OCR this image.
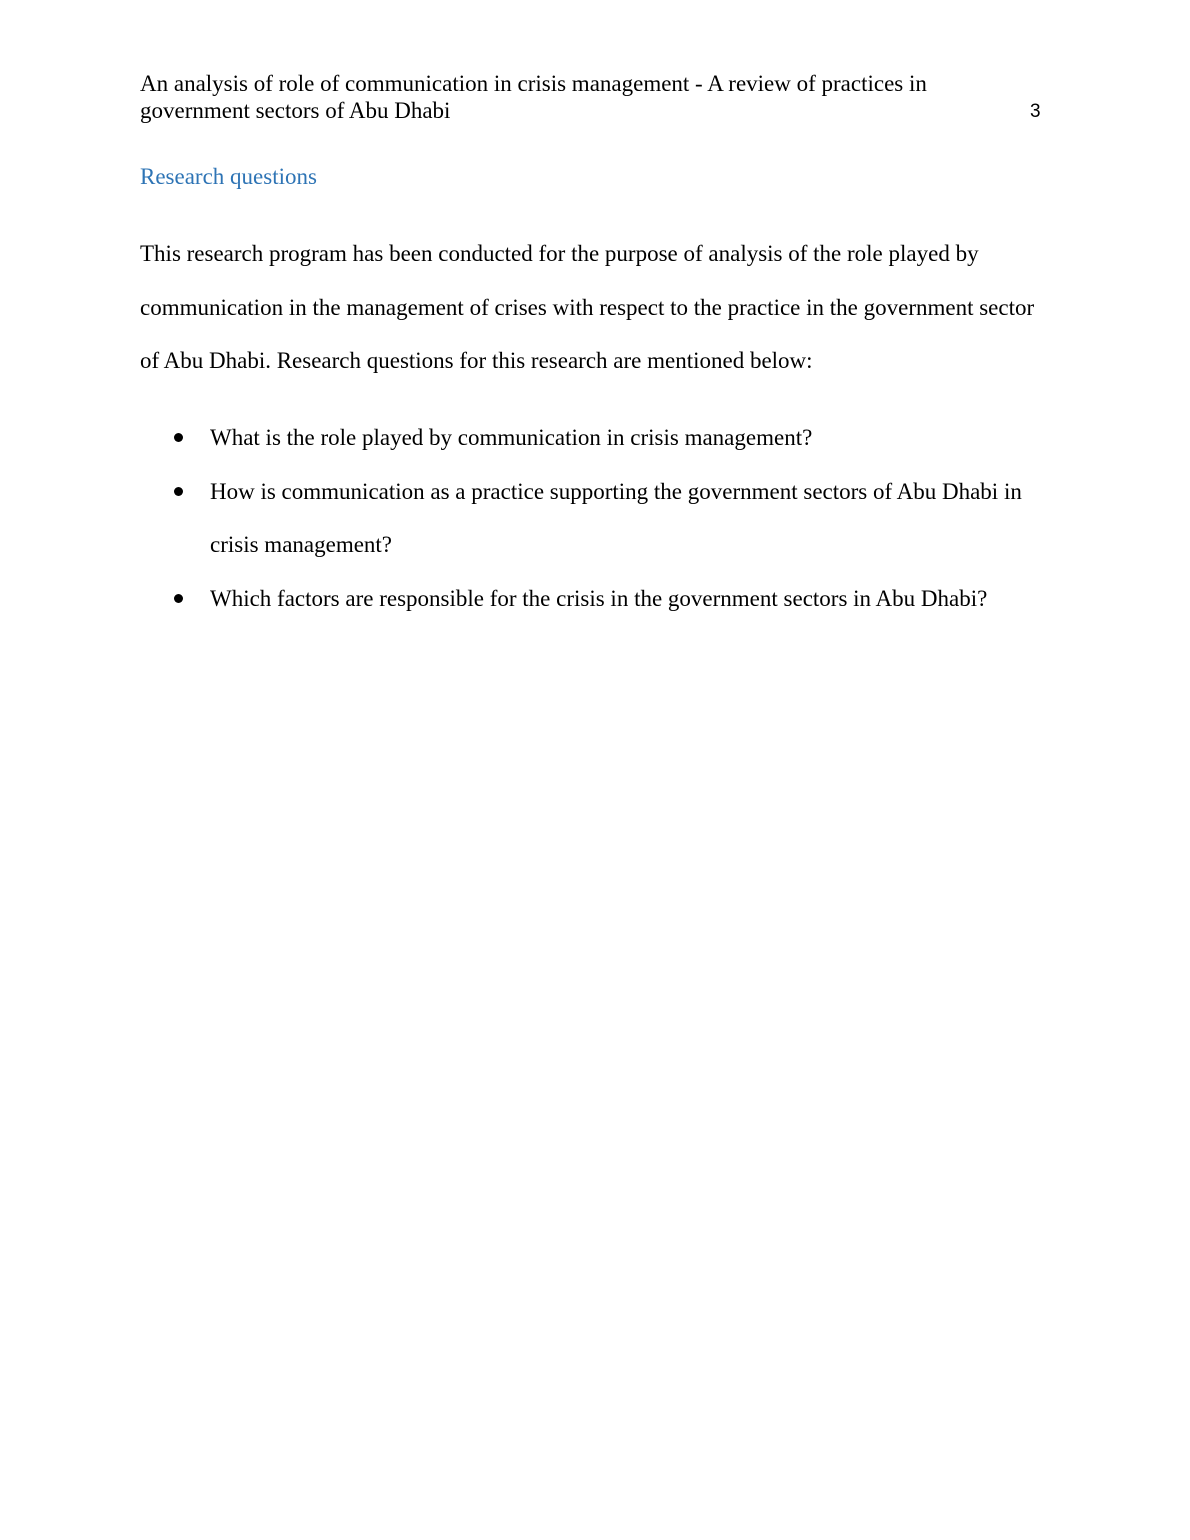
An analysis of role of communication in crisis management - A review of practices in government sectors of Abu Dhabi	3
Research questions

This research program has been conducted for the purpose of analysis of the role played by communication in the management of crises with respect to the practice in the government sector of Abu Dhabi. Research questions for this research are mentioned below:

What is the role played by communication in crisis management?
How is communication as a practice supporting the government sectors of Abu Dhabi in crisis management?
Which factors are responsible for the crisis in the government sectors in Abu Dhabi?
